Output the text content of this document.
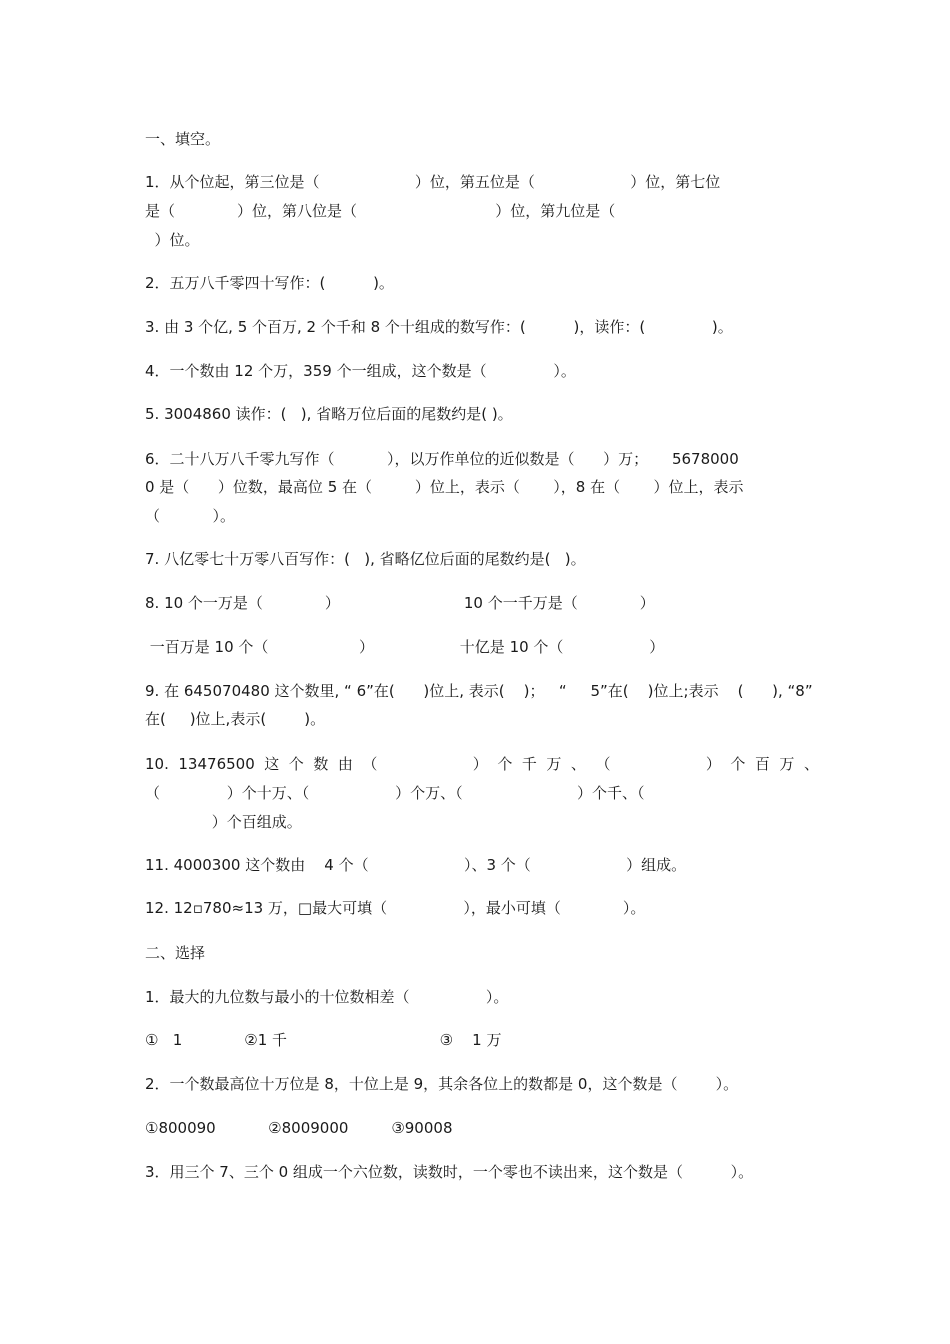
一、填空。
1．从个位起，第三位是（                    ）位，第五位是（                    ）位，第七位
是（             ）位，第八位是（                             ）位，第九位是（
）位。
2．五万八千零四十写作：(          )。
3. 由 3 个亿, 5 个百万, 2 个千和 8 个十组成的数写作：(          )，读作：(              )。
4．一个数由 12 个万，359 个一组成，这个数是（              ）。
5. 3004860 读作：(   ), 省略万位后面的尾数约是( )。
6．二十八万八千零九写作（           ），以万作单位的近似数是（      ）万；     5678000
0 是（      ）位数，最高位 5 在（         ）位上，表示（       ），8 在（       ）位上，表示
（           ）。
7. 八亿零七十万零八百写作：(   ), 省略亿位后面的尾数约是(   )。
8. 10 个一万是（             ）                          10 个一千万是（             ）
一百万是 10 个（                   ）                  十亿是 10 个（                  ）
9. 在 645070480 这个数里, “ 6”在(      )位上, 表示(    )；   “     5”在(    )位上;表示    (      ), “8”
在(     )位上,表示(        )。
10.  13476500  这  个  数  由  （                    ）  个  千  万  、  （                    ）  个  百  万  、
（              ）个十万、（                  ）个万、（                        ）个千、（
）个百组成。
11. 4000300 这个数由    4 个（                    ）、3 个（                    ）组成。
12. 12▫780≈13 万，□最大可填（                ），最小可填（             ）。
二、选择
1．最大的九位数与最小的十位数相差（                ）。
①   1             ②1 千                                ③    1 万
2．一个数最高位十万位是 8，十位上是 9，其余各位上的数都是 0，这个数是（        ）。
①800090           ②8009000         ③90008
3．用三个 7、三个 0 组成一个六位数，读数时，一个零也不读出来，这个数是（          ）。
